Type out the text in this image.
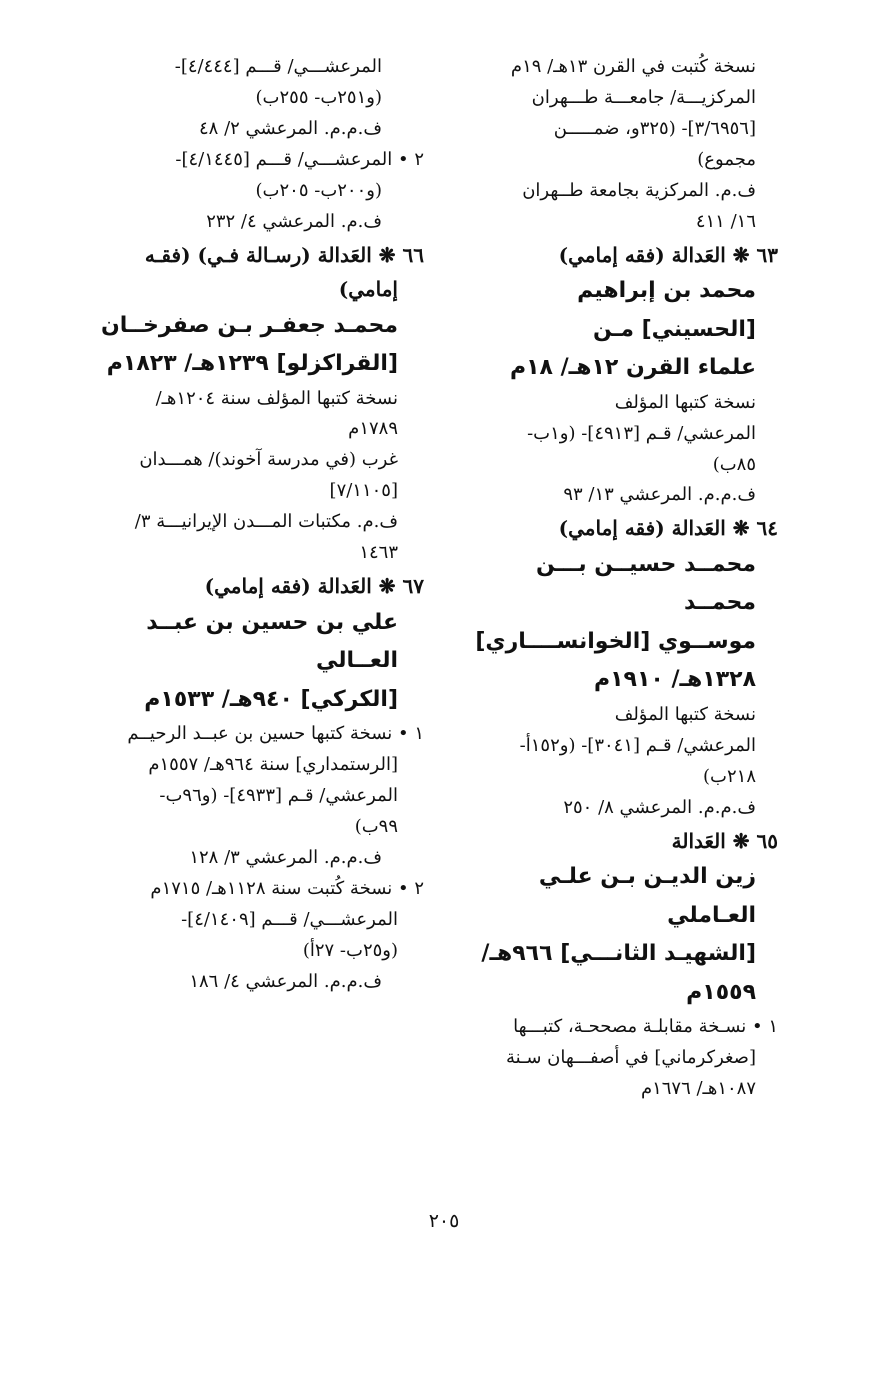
نسخة كُتبت في القرن ١٣هـ/ ١٩م
المركزيـــة/ جامعـــة طـــهران
[٣/٦٩٥٦]- (٣٢٥و، ضمـــــن
مجموع)
ف.م. المركزية بجامعة طــهران
١٦/ ٤١١
٦٣ ❋ العَدالة (فقه إمامي)
محمد بن إبراهيم [الحسيني] مـن
علماء القرن ١٢هـ/ ١٨م
نسخة كتبها المؤلف
المرعشي/ قـم [٤٩١٣]- (و١ب-
٨٥ب)
ف.م.م. المرعشي ١٣/ ٩٣
٦٤ ❋ العَدالة (فقه إمامي)
محمــد حسيــن بـــن محمــد
موســوي [الخوانســــاري]
١٣٢٨هـ/ ١٩١٠م
نسخة كتبها المؤلف
المرعشي/ قـم [٣٠٤١]- (و١٥٢أ-
٢١٨ب)
ف.م.م. المرعشي ٨/ ٢٥٠
٦٥ ❋ العَدالة
زين الديـن بـن علـي العـاملي
[الشهيـد الثانـــي] ٩٦٦هـ/
١٥٥٩م
١ • نسـخة مقابلـة مصححـة، كتبـــها
[صغركرماني] في أصفـــهان سـنة
١٠٨٧هـ/ ١٦٧٦م
المرعشـــي/ قـــم [٤/٤٤٤]-
(و٢٥١ب- ٢٥٥ب)
ف.م.م. المرعشي ٢/ ٤٨
٢ • المرعشـــي/ قـــم [٤/١٤٤٥]-
(و٢٠٠ب- ٢٠٥ب)
ف.م. المرعشي ٤/ ٢٣٢
٦٦ ❋ العَدالة (رسـالة فـي) (فقـه
إمامي)
محمـد جعفـر بـن صفرخــان
[القراكزلو] ١٢٣٩هـ/ ١٨٢٣م
نسخة كتبها المؤلف سنة ١٢٠٤هـ/
١٧٨٩م
غرب (في مدرسة آخوند)/ همـــدان
[٧/١١٠٥]
ف.م. مكتبات المـــدن الإيرانيـــة ٣/
١٤٦٣
٦٧ ❋ العَدالة (فقه إمامي)
علي بن حسين بن عبــد العــالي
[الكركي] ٩٤٠هـ/ ١٥٣٣م
١ • نسخة كتبها حسين بن عبــد الرحيــم
[الرستمداري] سنة ٩٦٤هـ/ ١٥٥٧م
المرعشي/ قـم [٤٩٣٣]- (و٩٦ب-
٩٩ب)
ف.م.م. المرعشي ٣/ ١٢٨
٢ • نسخة كُتبت سنة ١١٢٨هـ/ ١٧١٥م
المرعشـــي/ قـــم [٤/١٤٠٩]-
(و٢٥ب- ٢٧أ)
ف.م.م. المرعشي ٤/ ١٨٦
٢٠٥
